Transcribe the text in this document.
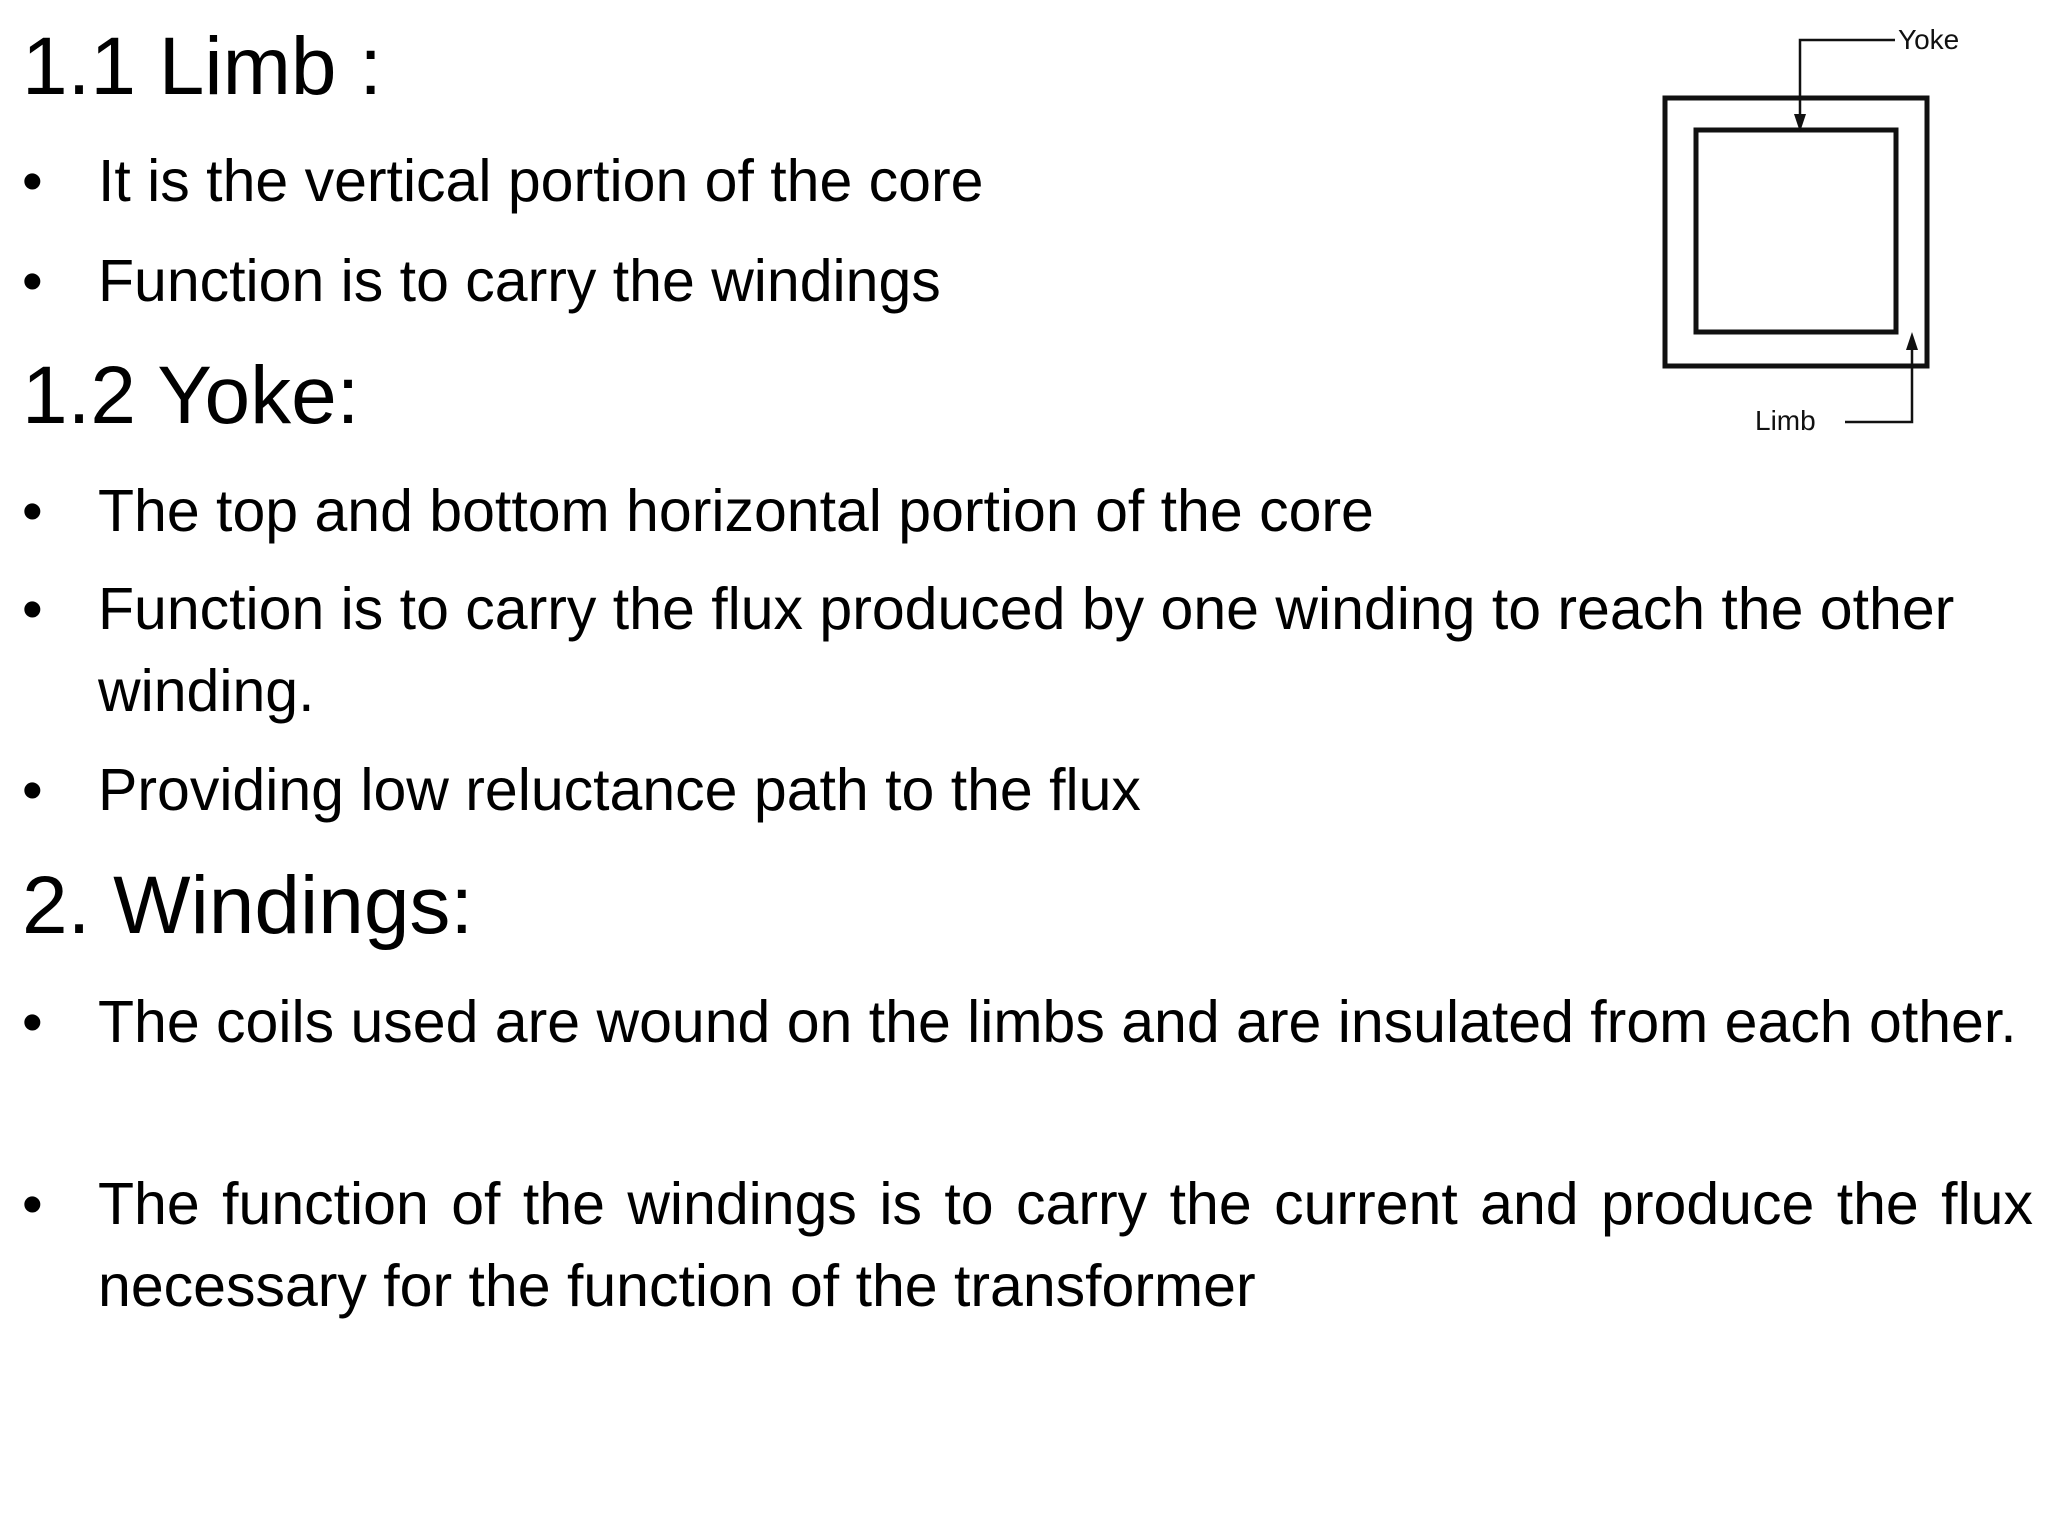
1.1 Limb :
• It is the vertical portion of the core
• Function is to carry the windings
1.2 Yoke:
• The top and bottom horizontal portion of the core
• Function is to carry the flux produced by one winding to reach the other winding.
• Providing low reluctance path to the flux
2. Windings:
• The coils used are wound on the limbs and are insulated from each other.
• The function of the windings is to carry the current and produce the flux necessary for the function of the transformer
Yoke
Limb
